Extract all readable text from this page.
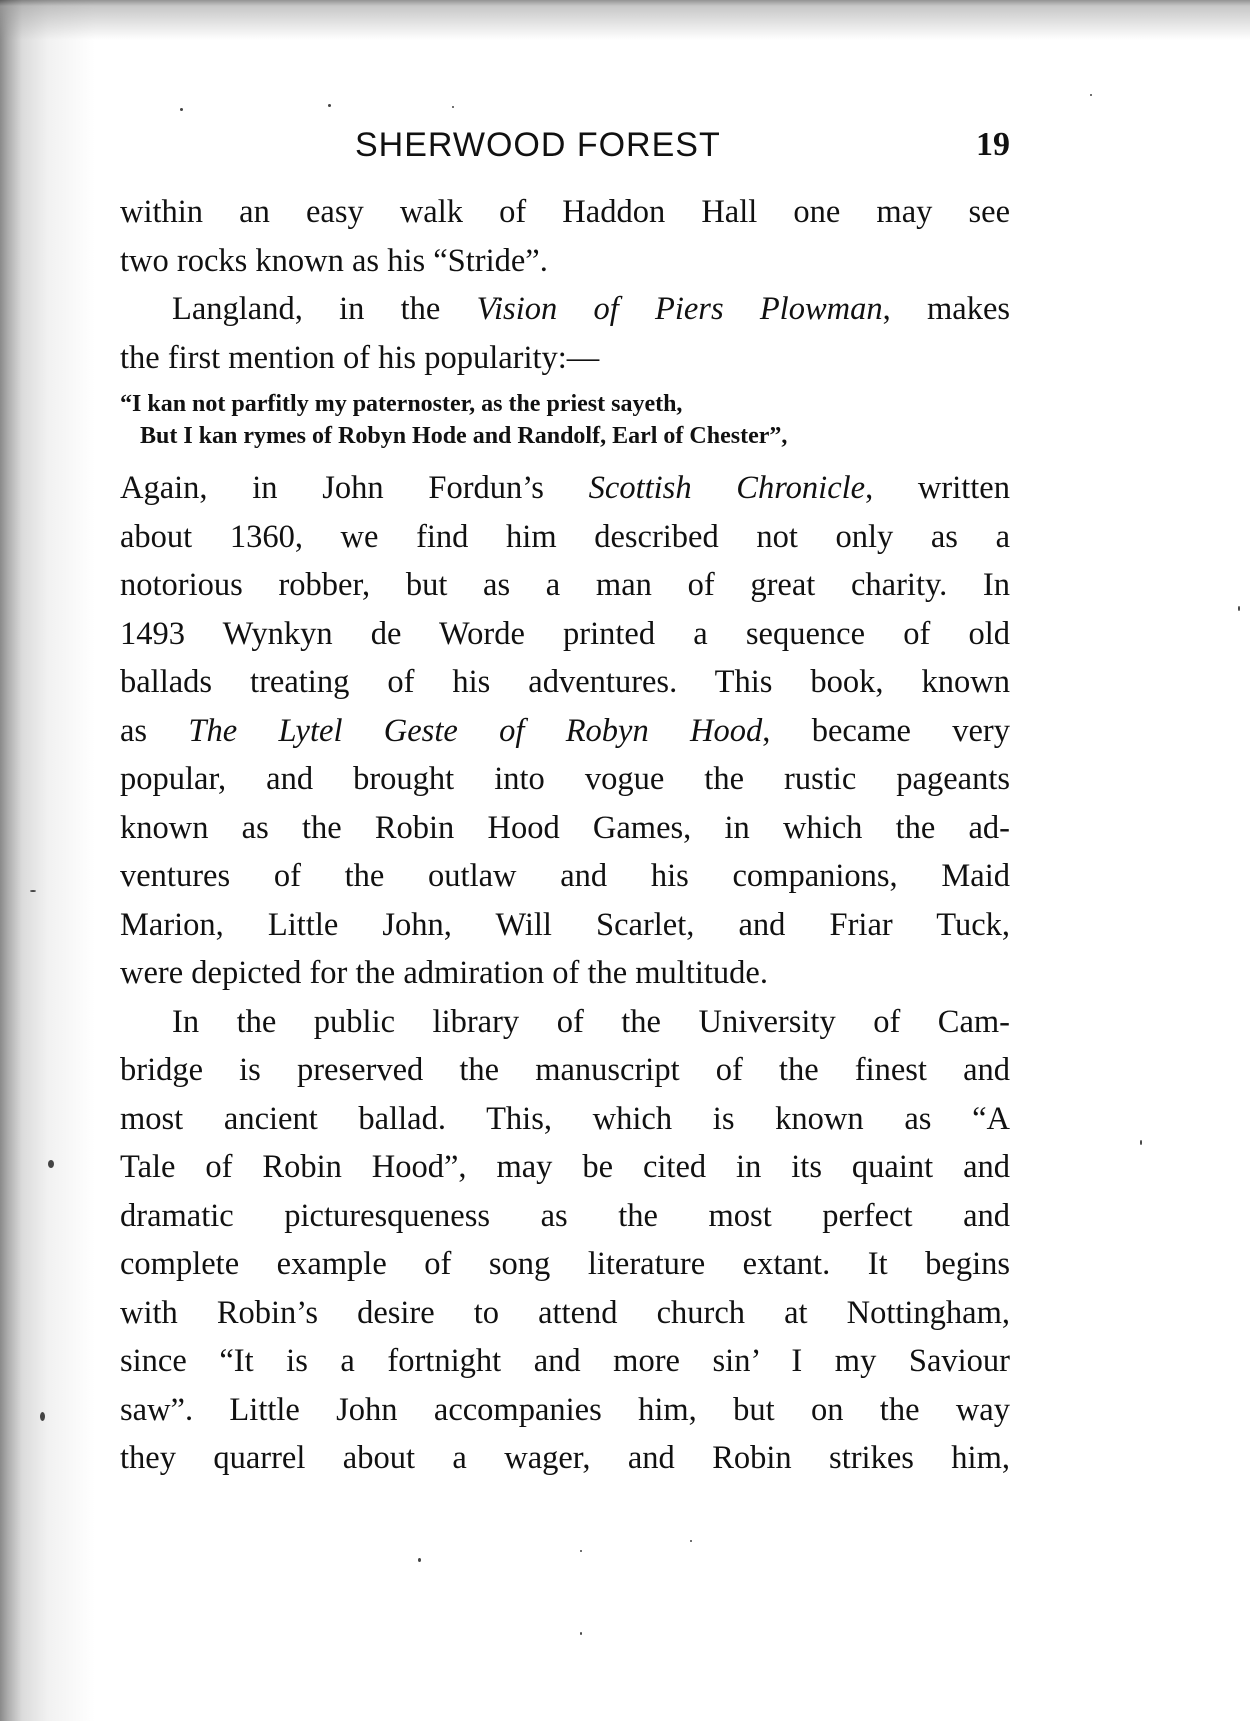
SHERWOOD FOREST	19
within an easy walk of Haddon Hall one may see
two rocks known as his “Stride”.
Langland, in the Vision of Piers Plowman, makes
the first mention of his popularity:—
“I kan not parfitly my paternoster, as the priest sayeth,
But I kan rymes of Robyn Hode and Randolf, Earl of Chester”,
Again, in John Fordun’s Scottish Chronicle, written
about 1360, we find him described not only as a
notorious robber, but as a man of great charity. In
1493 Wynkyn de Worde printed a sequence of old
ballads treating of his adventures. This book, known
as The Lytel Geste of Robyn Hood, became very
popular, and brought into vogue the rustic pageants
known as the Robin Hood Games, in which the ad-
ventures of the outlaw and his companions, Maid
Marion, Little John, Will Scarlet, and Friar Tuck,
were depicted for the admiration of the multitude.
In the public library of the University of Cam-
bridge is preserved the manuscript of the finest and
most ancient ballad. This, which is known as “A
Tale of Robin Hood”, may be cited in its quaint and
dramatic picturesqueness as the most perfect and
complete example of song literature extant. It begins
with Robin’s desire to attend church at Nottingham,
since “It is a fortnight and more sin’ I my Saviour
saw”. Little John accompanies him, but on the way
they quarrel about a wager, and Robin strikes him,
